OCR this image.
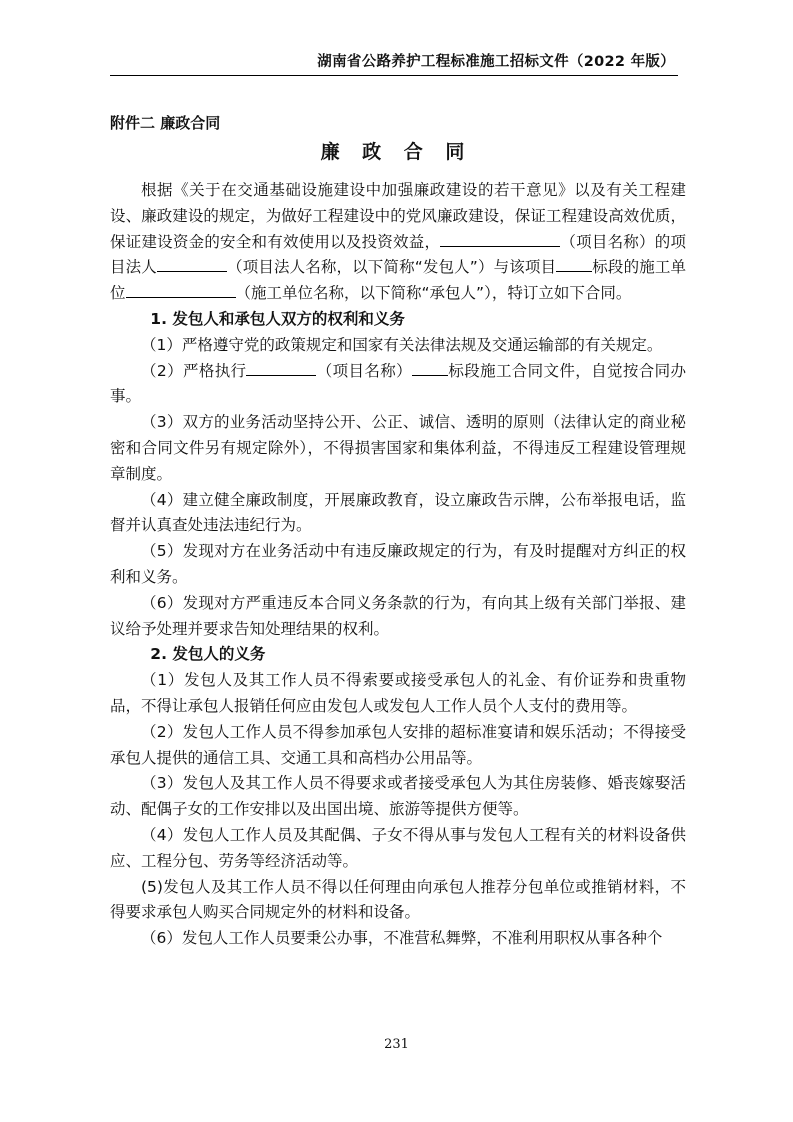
湖南省公路养护工程标准施工招标文件（2022 年版）
附件二 廉政合同
廉 政 合 同

根据《关于在交通基础设施建设中加强廉政建设的若干意见》以及有关工程建设、廉政建设的规定，为做好工程建设中的党风廉政建设，保证工程建设高效优质，保证建设资金的安全和有效使用以及投资效益，	（项目名称）的项目法人	（项目法人名称，以下简称“发包人”）与该项目 标段的施工单位	（施工单位名称，以下简称“承包人”），特订立如下合同。

1. 发包人和承包人双方的权利和义务

（1）严格遵守党的政策规定和国家有关法律法规及交通运输部的有关规定。

（2）严格执行	（项目名称） 标段施工合同文件，自觉按合同办事。

（3）双方的业务活动坚持公开、公正、诚信、透明的原则（法律认定的商业秘密和合同文件另有规定除外），不得损害国家和集体利益，不得违反工程建设管理规章制度。

（4）建立健全廉政制度，开展廉政教育，设立廉政告示牌，公布举报电话，监督并认真查处违法违纪行为。

（5）发现对方在业务活动中有违反廉政规定的行为，有及时提醒对方纠正的权利和义务。

（6）发现对方严重违反本合同义务条款的行为，有向其上级有关部门举报、建议给予处理并要求告知处理结果的权利。

2. 发包人的义务

（1）发包人及其工作人员不得索要或接受承包人的礼金、有价证券和贵重物品，不得让承包人报销任何应由发包人或发包人工作人员个人支付的费用等。

（2）发包人工作人员不得参加承包人安排的超标准宴请和娱乐活动；不得接受承包人提供的通信工具、交通工具和高档办公用品等。

（3）发包人及其工作人员不得要求或者接受承包人为其住房装修、婚丧嫁娶活动、配偶子女的工作安排以及出国出境、旅游等提供方便等。

（4）发包人工作人员及其配偶、子女不得从事与发包人工程有关的材料设备供应、工程分包、劳务等经济活动等。

(5)发包人及其工作人员不得以任何理由向承包人推荐分包单位或推销材料，不得要求承包人购买合同规定外的材料和设备。

（6）发包人工作人员要秉公办事，不准营私舞弊，不准利用职权从事各种个

231
